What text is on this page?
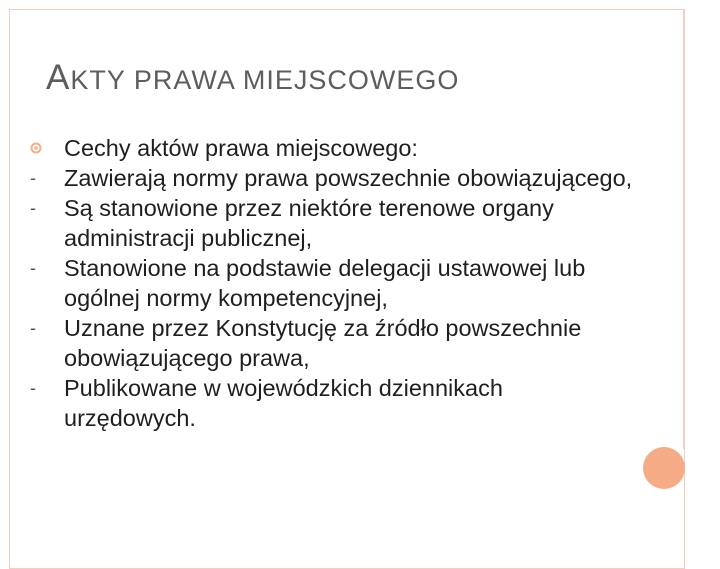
AKTY PRAWA MIEJSCOWEGO
Cechy aktów prawa miejscowego:
- Zawierają normy prawa powszechnie obowiązującego,
- Są stanowione przez niektóre terenowe organy administracji publicznej,
- Stanowione na podstawie delegacji ustawowej lub ogólnej normy kompetencyjnej,
- Uznane przez Konstytucję za źródło powszechnie obowiązującego prawa,
- Publikowane w wojewódzkich dziennikach urzędowych.
